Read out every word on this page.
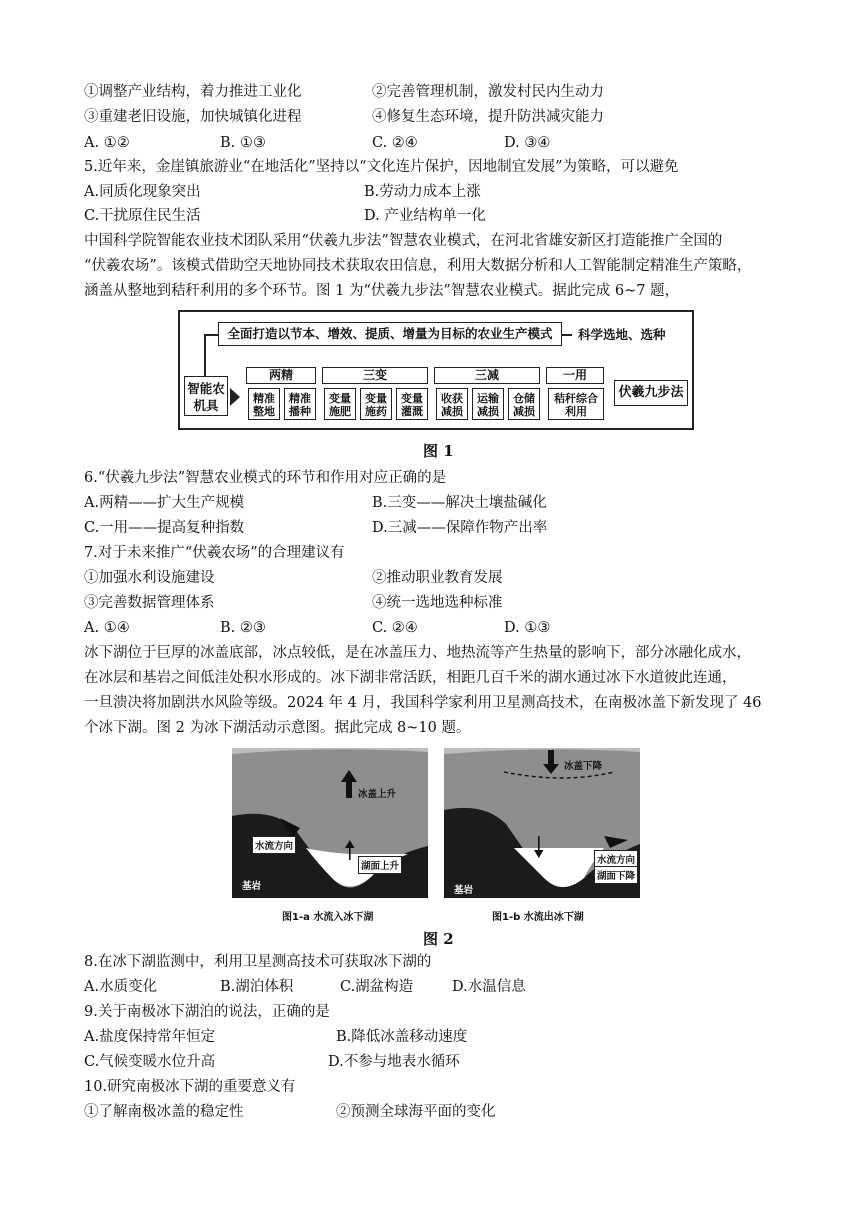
①调整产业结构，着力推进工业化	②完善管理机制，激发村民内生动力
③重建老旧设施，加快城镇化进程	④修复生态环境，提升防洪减灾能力
A. ①②	B. ①③	C. ②④	D. ③④
5.近年来，金崖镇旅游业“在地活化”坚持以“文化连片保护，因地制宜发展”为策略，可以避免
A.同质化现象突出	B.劳动力成本上涨
C.干扰原住民生活	D. 产业结构单一化
中国科学院智能农业技术团队采用“伏羲九步法”智慧农业模式，在河北省雄安新区打造能推广全国的
“伏羲农场”。该模式借助空天地协同技术获取农田信息，利用大数据分析和人工智能制定精准生产策略，
涵盖从整地到秸秆利用的多个环节。图 1 为“伏羲九步法”智慧农业模式。据此完成 6~7 题，
全面打造以节本、增效、提质、增量为目标的农业生产模式	科学选地、选种
智能农机具
两精
精准整地
精准播种
三变
变量施肥
变量施药
变量灌溉
三减
收获减损
运输减损
仓储减损
一用
秸秆综合利用
伏羲九步法
图 1
6.“伏羲九步法”智慧农业模式的环节和作用对应正确的是
A.两精——扩大生产规模	B.三变——解决土壤盐碱化
C.一用——提高复种指数	D.三减——保障作物产出率
7.对于未来推广“伏羲农场”的合理建议有
①加强水利设施建设	②推动职业教育发展
③完善数据管理体系	④统一选地选种标准
A. ①④	B. ②③	C. ②④	D. ①③
冰下湖位于巨厚的冰盖底部，冰点较低，是在冰盖压力、地热流等产生热量的影响下，部分冰融化成水，
在冰层和基岩之间低洼处积水形成的。冰下湖非常活跃，相距几百千米的湖水通过冰下水道彼此连通，
一旦溃决将加剧洪水风险等级。2024 年 4 月，我国科学家利用卫星测高技术，在南极冰盖下新发现了 46
个冰下湖。图 2 为冰下湖活动示意图。据此完成 8~10 题。
冰盖上升
水流方向
湖面上升
基岩
图1-a 水流入冰下湖
冰盖下降
水流方向
湖面下降
基岩
图1-b 水流出冰下湖
图 2
8.在冰下湖监测中，利用卫星测高技术可获取冰下湖的
A.水质变化	B.湖泊体积	C.湖盆构造	D.水温信息
9.关于南极冰下湖泊的说法，正确的是
A.盐度保持常年恒定	B.降低冰盖移动速度
C.气候变暖水位升高	D.不参与地表水循环
10.研究南极冰下湖的重要意义有
①了解南极冰盖的稳定性	②预测全球海平面的变化
